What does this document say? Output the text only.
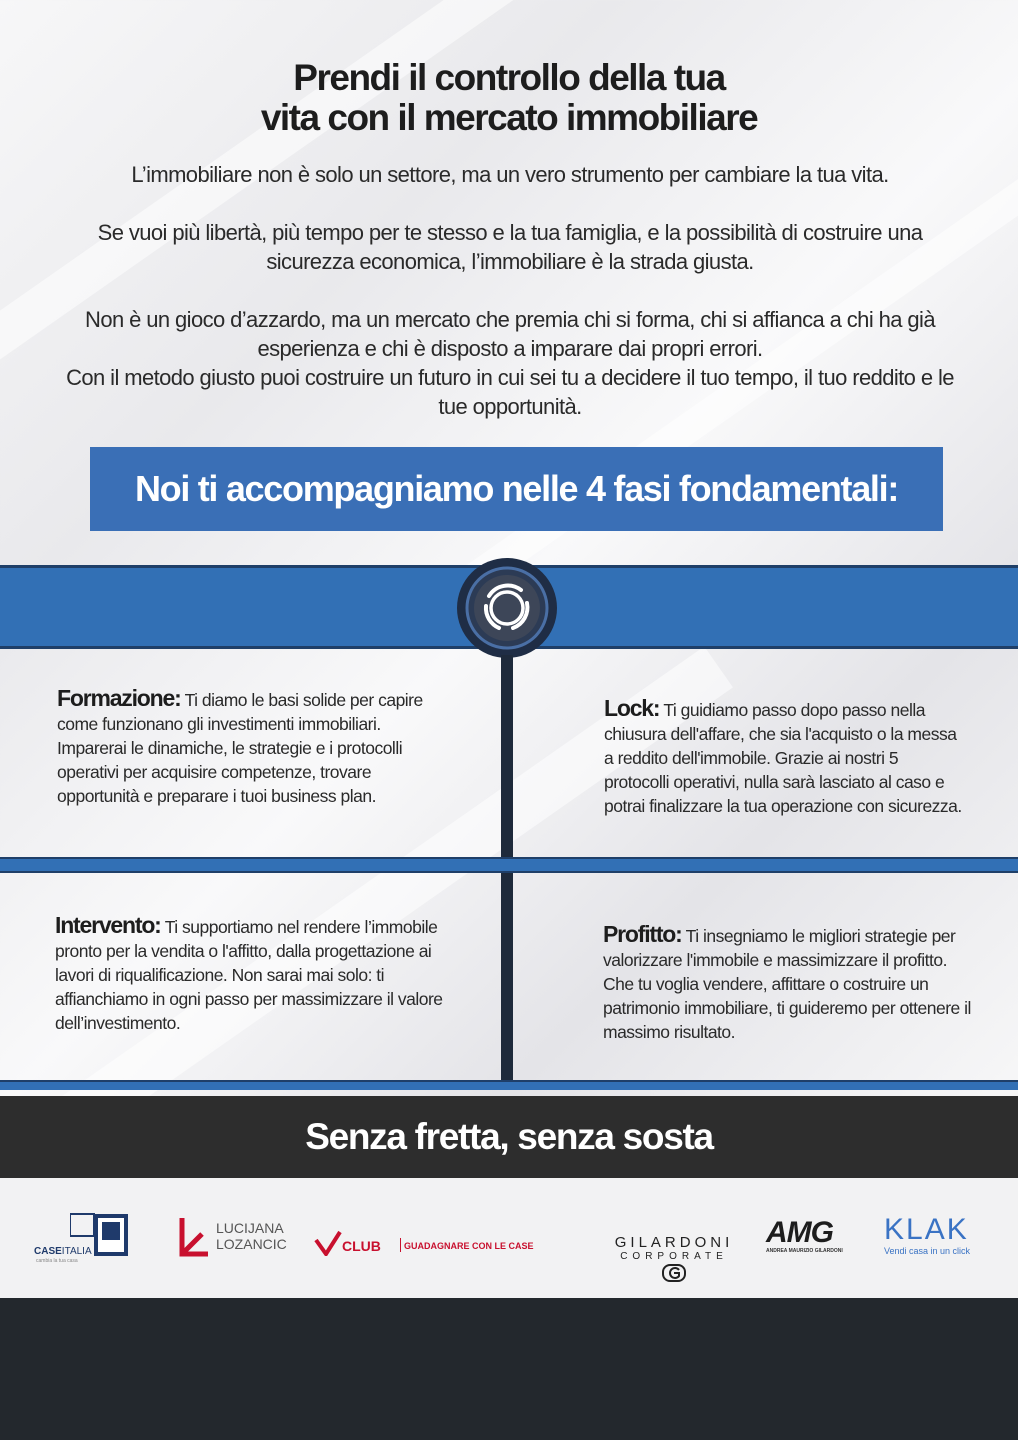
Prendi il controllo della tua
vita con il mercato immobiliare

L’immobiliare non è solo un settore, ma un vero strumento per cambiare la tua vita.

Se vuoi più libertà, più tempo per te stesso e la tua famiglia, e la possibilità di costruire una sicurezza economica, l’immobiliare è la strada giusta.

Non è un gioco d’azzardo, ma un mercato che premia chi si forma, chi si affianca a chi ha già esperienza e chi è disposto a imparare dai propri errori.
Con il metodo giusto puoi costruire un futuro in cui sei tu a decidere il tuo tempo, il tuo reddito e le tue opportunità.

Noi ti accompagniamo nelle 4 fasi fondamentali:
Formazione: Ti diamo le basi solide per capire come funzionano gli investimenti immobiliari.
Imparerai le dinamiche, le strategie e i protocolli operativi per acquisire competenze, trovare opportunità e preparare i tuoi business plan.
Lock: Ti guidiamo passo dopo passo nella chiusura dell'affare, che sia l'acquisto o la messa a reddito dell'immobile. Grazie ai nostri 5 protocolli operativi, nulla sarà lasciato al caso e potrai finalizzare la tua operazione con sicurezza.
Intervento: Ti supportiamo nel rendere l’immobile pronto per la vendita o l'affitto, dalla progettazione ai lavori di riqualificazione. Non sarai mai solo: ti affianchiamo in ogni passo per massimizzare il valore dell’investimento.
Profitto: Ti insegniamo le migliori strategie per valorizzare l'immobile e massimizzare il profitto. Che tu voglia vendere, affittare o costruire un patrimonio immobiliare, ti guideremo per ottenere il massimo risultato.
Senza fretta, senza sosta
CASEITALIA
cambia la tua casa
LUCIJANA
LOZANCIC	CLUB	GUADAGNARE CON LE CASE	GILARDONI
CORPORATE
AMG
ANDREA MAURIZIO GILARDONI
KLAK
Vendi casa in un click
